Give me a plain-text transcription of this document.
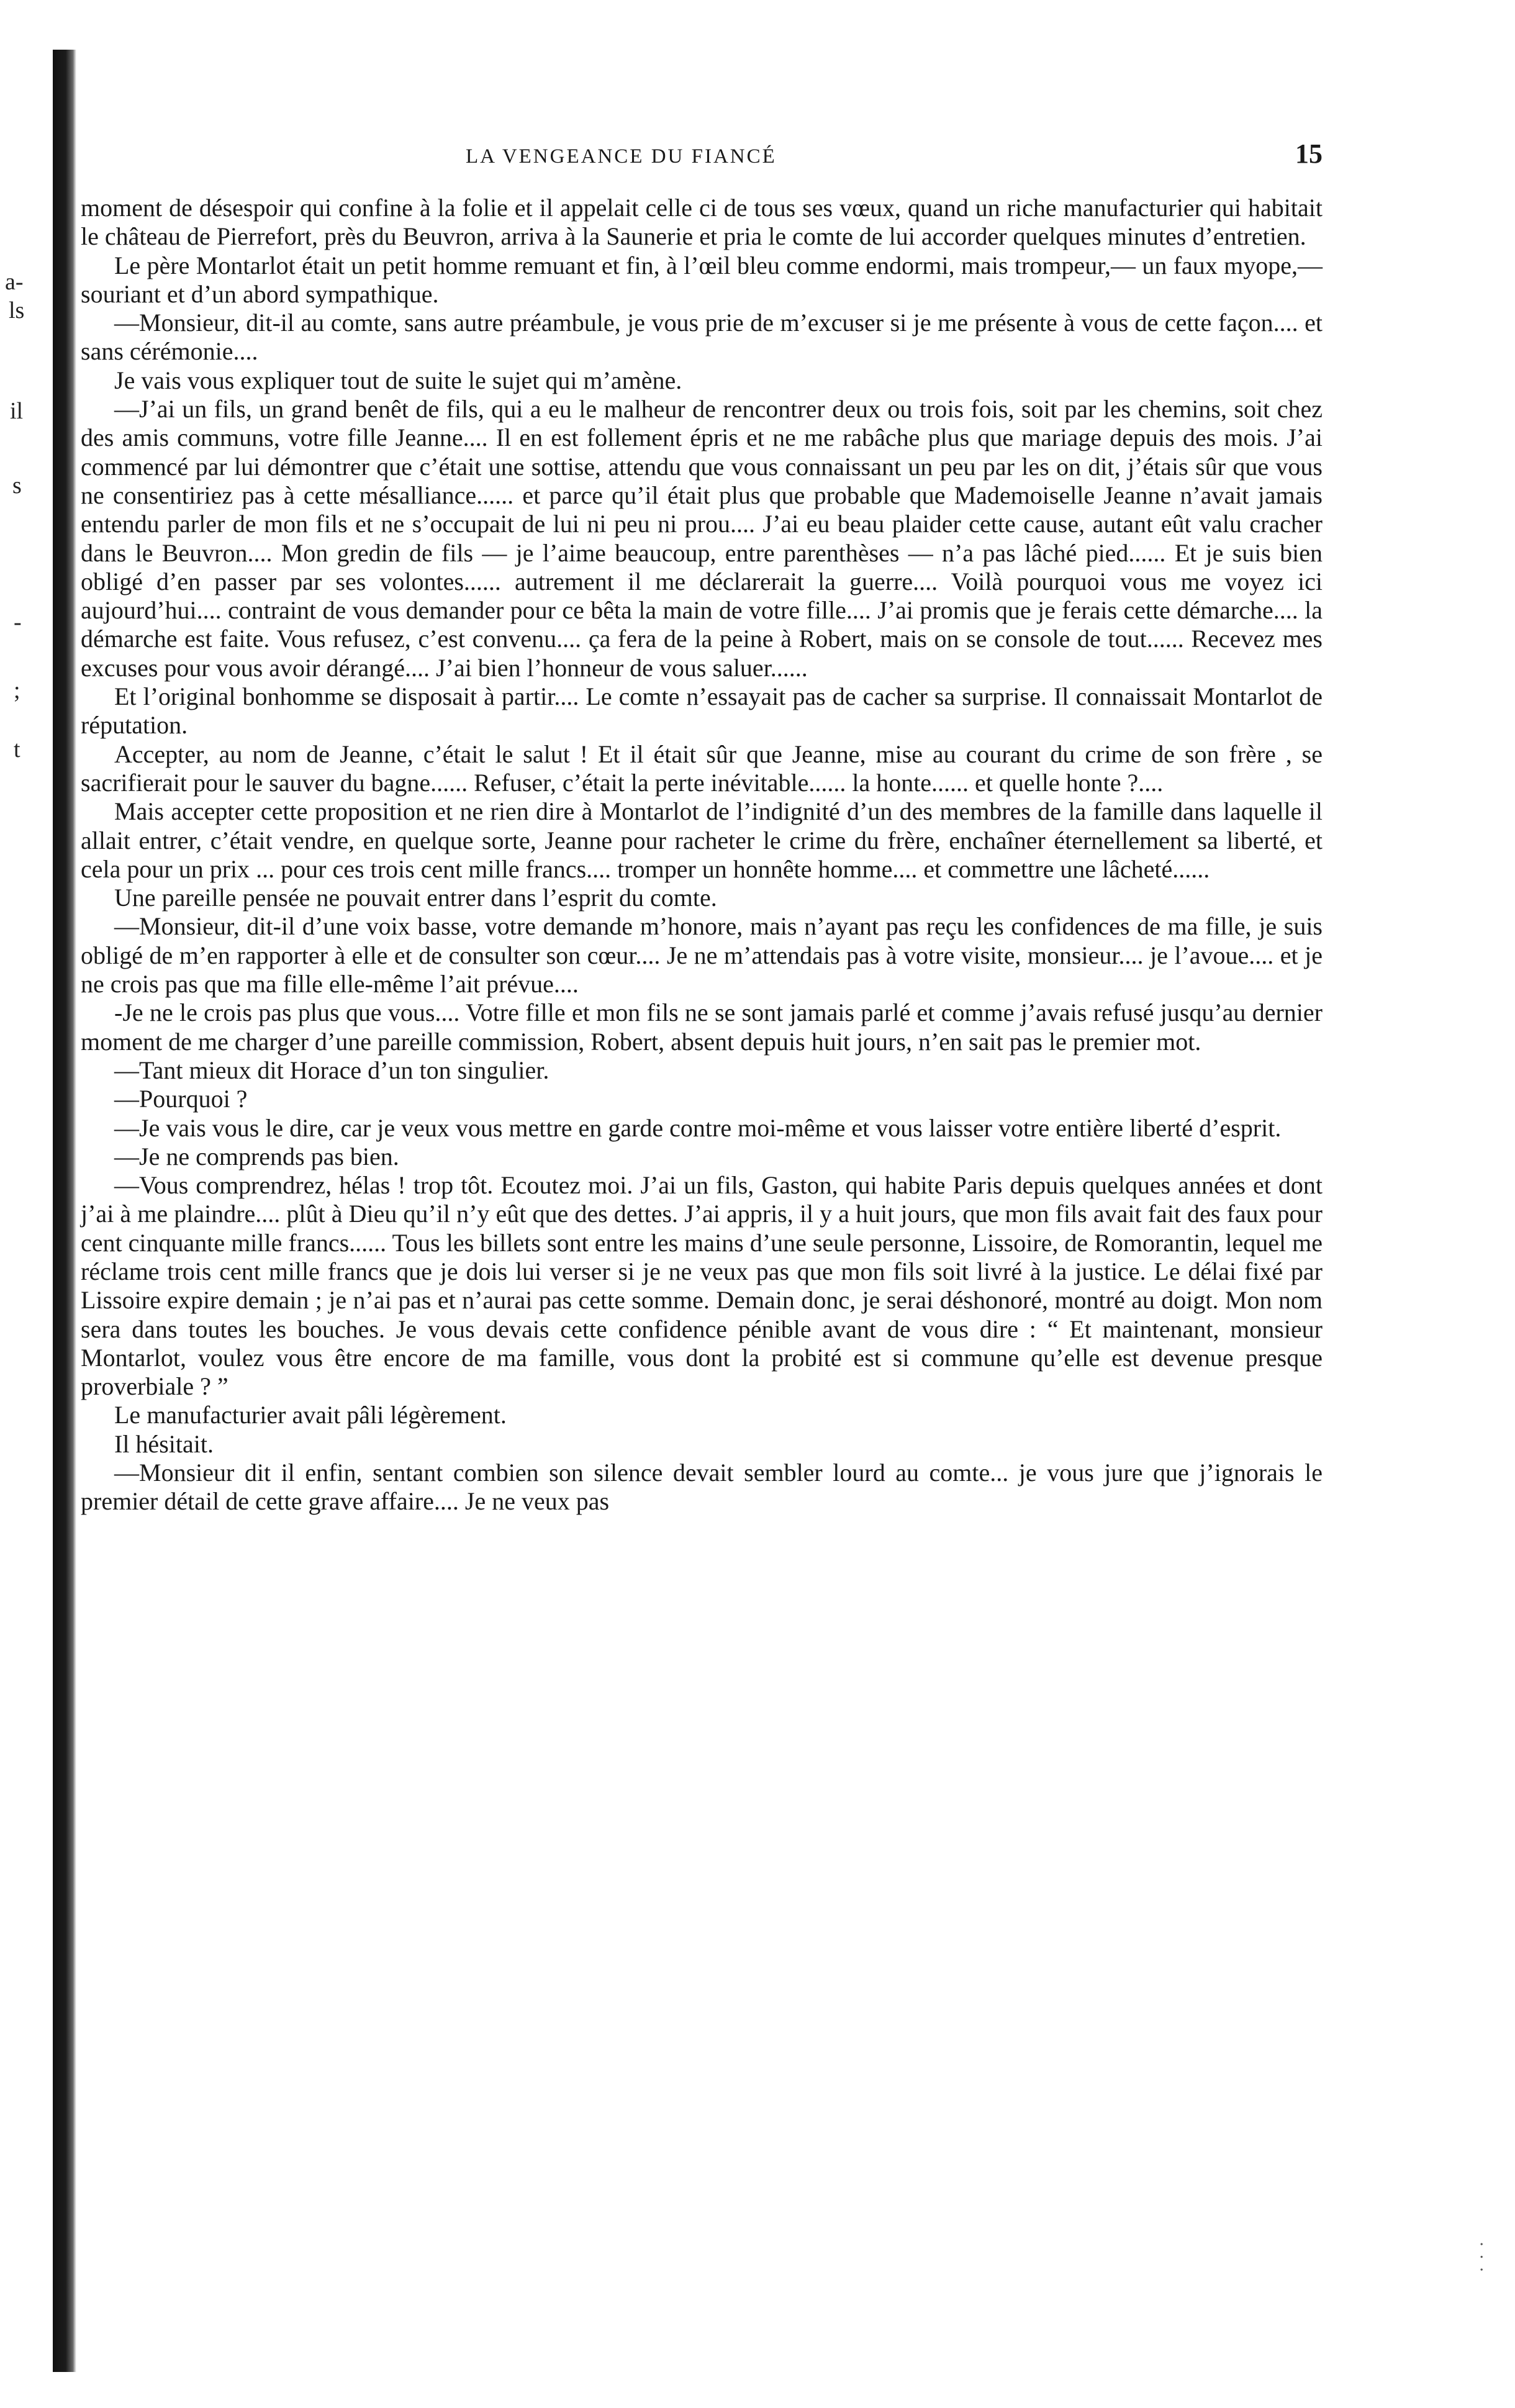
a-
ls
il
s
-
;
t
LA VENGEANCE DU FIANCÉ	15

moment de désespoir qui confine à la folie et il appelait celle ci de tous ses vœux, quand un riche manufacturier qui habitait le château de Pierrefort, près du Beuvron, arriva à la Saunerie et pria le comte de lui accorder quelques minutes d’entretien.

Le père Montarlot était un petit homme remuant et fin, à l’œil bleu comme endormi, mais trompeur,— un faux myope,— souriant et d’un abord sympathique.

—Monsieur, dit-il au comte, sans autre préambule, je vous prie de m’excuser si je me présente à vous de cette façon.... et sans cérémonie....

Je vais vous expliquer tout de suite le sujet qui m’amène.

—J’ai un fils, un grand benêt de fils, qui a eu le malheur de rencontrer deux ou trois fois, soit par les chemins, soit chez des amis communs, votre fille Jeanne.... Il en est follement épris et ne me rabâche plus que mariage depuis des mois. J’ai commencé par lui démontrer que c’était une sottise, attendu que vous connaissant un peu par les on dit, j’étais sûr que vous ne consentiriez pas à cette mésalliance...... et parce qu’il était plus que probable que Mademoiselle Jeanne n’avait jamais entendu parler de mon fils et ne s’occupait de lui ni peu ni prou.... J’ai eu beau plaider cette cause, autant eût valu cracher dans le Beuvron.... Mon gredin de fils — je l’aime beaucoup, entre parenthèses — n’a pas lâché pied...... Et je suis bien obligé d’en passer par ses volontes...... autrement il me déclarerait la guerre.... Voilà pourquoi vous me voyez ici aujourd’hui.... contraint de vous demander pour ce bêta la main de votre fille.... J’ai promis que je ferais cette démarche.... la démarche est faite. Vous refusez, c’est convenu.... ça fera de la peine à Robert, mais on se console de tout...... Recevez mes excuses pour vous avoir dérangé.... J’ai bien l’honneur de vous saluer......

Et l’original bonhomme se disposait à partir.... Le comte n’essayait pas de cacher sa surprise. Il connaissait Montarlot de réputation.

Accepter, au nom de Jeanne, c’était le salut ! Et il était sûr que Jeanne, mise au courant du crime de son frère , se sacrifierait pour le sauver du bagne...... Refuser, c’était la perte inévitable...... la honte...... et quelle honte ?....

Mais accepter cette proposition et ne rien dire à Montarlot de l’indignité d’un des membres de la famille dans laquelle il allait entrer, c’était vendre, en quelque sorte, Jeanne pour racheter le crime du frère, enchaîner éternellement sa liberté, et cela pour un prix ... pour ces trois cent mille francs.... tromper un honnête homme.... et commettre une lâcheté......

Une pareille pensée ne pouvait entrer dans l’esprit du comte.

—Monsieur, dit-il d’une voix basse, votre demande m’honore, mais n’ayant pas reçu les confidences de ma fille, je suis obligé de m’en rapporter à elle et de consulter son cœur.... Je ne m’attendais pas à votre visite, monsieur.... je l’avoue.... et je ne crois pas que ma fille elle-même l’ait prévue....

-Je ne le crois pas plus que vous.... Votre fille et mon fils ne se sont jamais parlé et comme j’avais refusé jusqu’au dernier moment de me charger d’une pareille commission, Robert, absent depuis huit jours, n’en sait pas le premier mot.

—Tant mieux dit Horace d’un ton singulier.

—Pourquoi ?

—Je vais vous le dire, car je veux vous mettre en garde contre moi-même et vous laisser votre entière liberté d’esprit.

—Je ne comprends pas bien.

—Vous comprendrez, hélas ! trop tôt. Ecoutez moi. J’ai un fils, Gaston, qui habite Paris depuis quelques années et dont j’ai à me plaindre.... plût à Dieu qu’il n’y eût que des dettes. J’ai appris, il y a huit jours, que mon fils avait fait des faux pour cent cinquante mille francs...... Tous les billets sont entre les mains d’une seule personne, Lissoire, de Romorantin, lequel me réclame trois cent mille francs que je dois lui verser si je ne veux pas que mon fils soit livré à la justice. Le délai fixé par Lissoire expire demain ; je n’ai pas et n’aurai pas cette somme. Demain donc, je serai déshonoré, montré au doigt. Mon nom sera dans toutes les bouches. Je vous devais cette confidence pénible avant de vous dire : “ Et maintenant, monsieur Montarlot, voulez vous être encore de ma famille, vous dont la probité est si commune qu’elle est devenue presque proverbiale ? ”

Le manufacturier avait pâli légèrement.

Il hésitait.

—Monsieur dit il enfin, sentant combien son silence devait sembler lourd au comte... je vous jure que j’ignorais le premier détail de cette grave affaire.... Je ne veux pas

· · ·
